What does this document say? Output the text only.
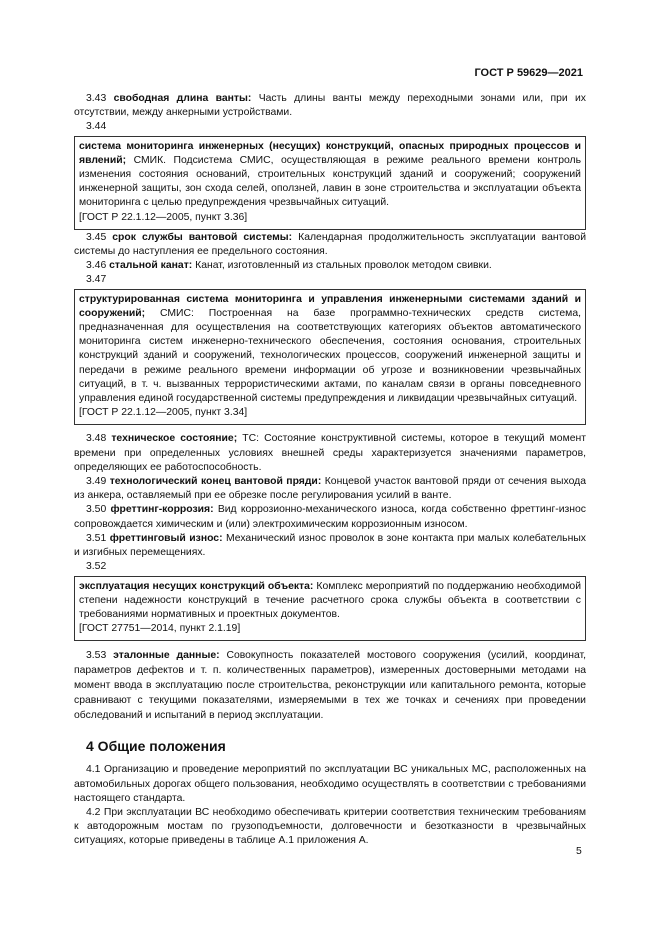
ГОСТ Р 59629—2021

3.43 свободная длина ванты: Часть длины ванты между переходными зонами или, при их отсутствии, между анкерными устройствами.

3.44

система мониторинга инженерных (несущих) конструкций, опасных природных процессов и явлений; СМИК. Подсистема СМИС, осуществляющая в режиме реального времени контроль изменения состояния оснований, строительных конструкций зданий и сооружений; сооружений инженерной защиты, зон схода селей, оползней, лавин в зоне строительства и эксплуатации объекта мониторинга с целью предупреждения чрезвычайных ситуаций.

[ГОСТ Р 22.1.12—2005, пункт 3.36]

3.45 срок службы вантовой системы: Календарная продолжительность эксплуатации вантовой системы до наступления ее предельного состояния.

3.46 стальной канат: Канат, изготовленный из стальных проволок методом свивки.

3.47

структурированная система мониторинга и управления инженерными системами зданий и сооружений; СМИС: Построенная на базе программно-технических средств система, предназначенная для осуществления на соответствующих категориях объектов автоматического мониторинга систем инженерно-технического обеспечения, состояния основания, строительных конструкций зданий и сооружений, технологических процессов, сооружений инженерной защиты и передачи в режиме реального времени информации об угрозе и возникновении чрезвычайных ситуаций, в т. ч. вызванных террористическими актами, по каналам связи в органы повседневного управления единой государственной системы предупреждения и ликвидации чрезвычайных ситуаций.

[ГОСТ Р 22.1.12—2005, пункт 3.34]

3.48 техническое состояние; ТС: Состояние конструктивной системы, которое в текущий момент времени при определенных условиях внешней среды характеризуется значениями параметров, определяющих ее работоспособность.

3.49 технологический конец вантовой пряди: Концевой участок вантовой пряди от сечения выхода из анкера, оставляемый при ее обрезке после регулирования усилий в ванте.

3.50 фреттинг-коррозия: Вид коррозионно-механического износа, когда собственно фреттинг-износ сопровождается химическим и (или) электрохимическим коррозионным износом.

3.51 фреттинговый износ: Механический износ проволок в зоне контакта при малых колебательных и изгибных перемещениях.

3.52

эксплуатация несущих конструкций объекта: Комплекс мероприятий по поддержанию необходимой степени надежности конструкций в течение расчетного срока службы объекта в соответствии с требованиями нормативных и проектных документов.

[ГОСТ 27751—2014, пункт 2.1.19]

3.53 эталонные данные: Совокупность показателей мостового сооружения (усилий, координат, параметров дефектов и т. п. количественных параметров), измеренных достоверными методами на момент ввода в эксплуатацию после строительства, реконструкции или капитального ремонта, которые сравнивают с текущими показателями, измеряемыми в тех же точках и сечениях при проведении обследований и испытаний в период эксплуатации.

4 Общие положения

4.1 Организацию и проведение мероприятий по эксплуатации ВС уникальных МС, расположенных на автомобильных дорогах общего пользования, необходимо осуществлять в соответствии с требованиями настоящего стандарта.

4.2 При эксплуатации ВС необходимо обеспечивать критерии соответствия техническим требованиям к автодорожным мостам по грузоподъемности, долговечности и безотказности в чрезвычайных ситуациях, которые приведены в таблице А.1 приложения А.

5
